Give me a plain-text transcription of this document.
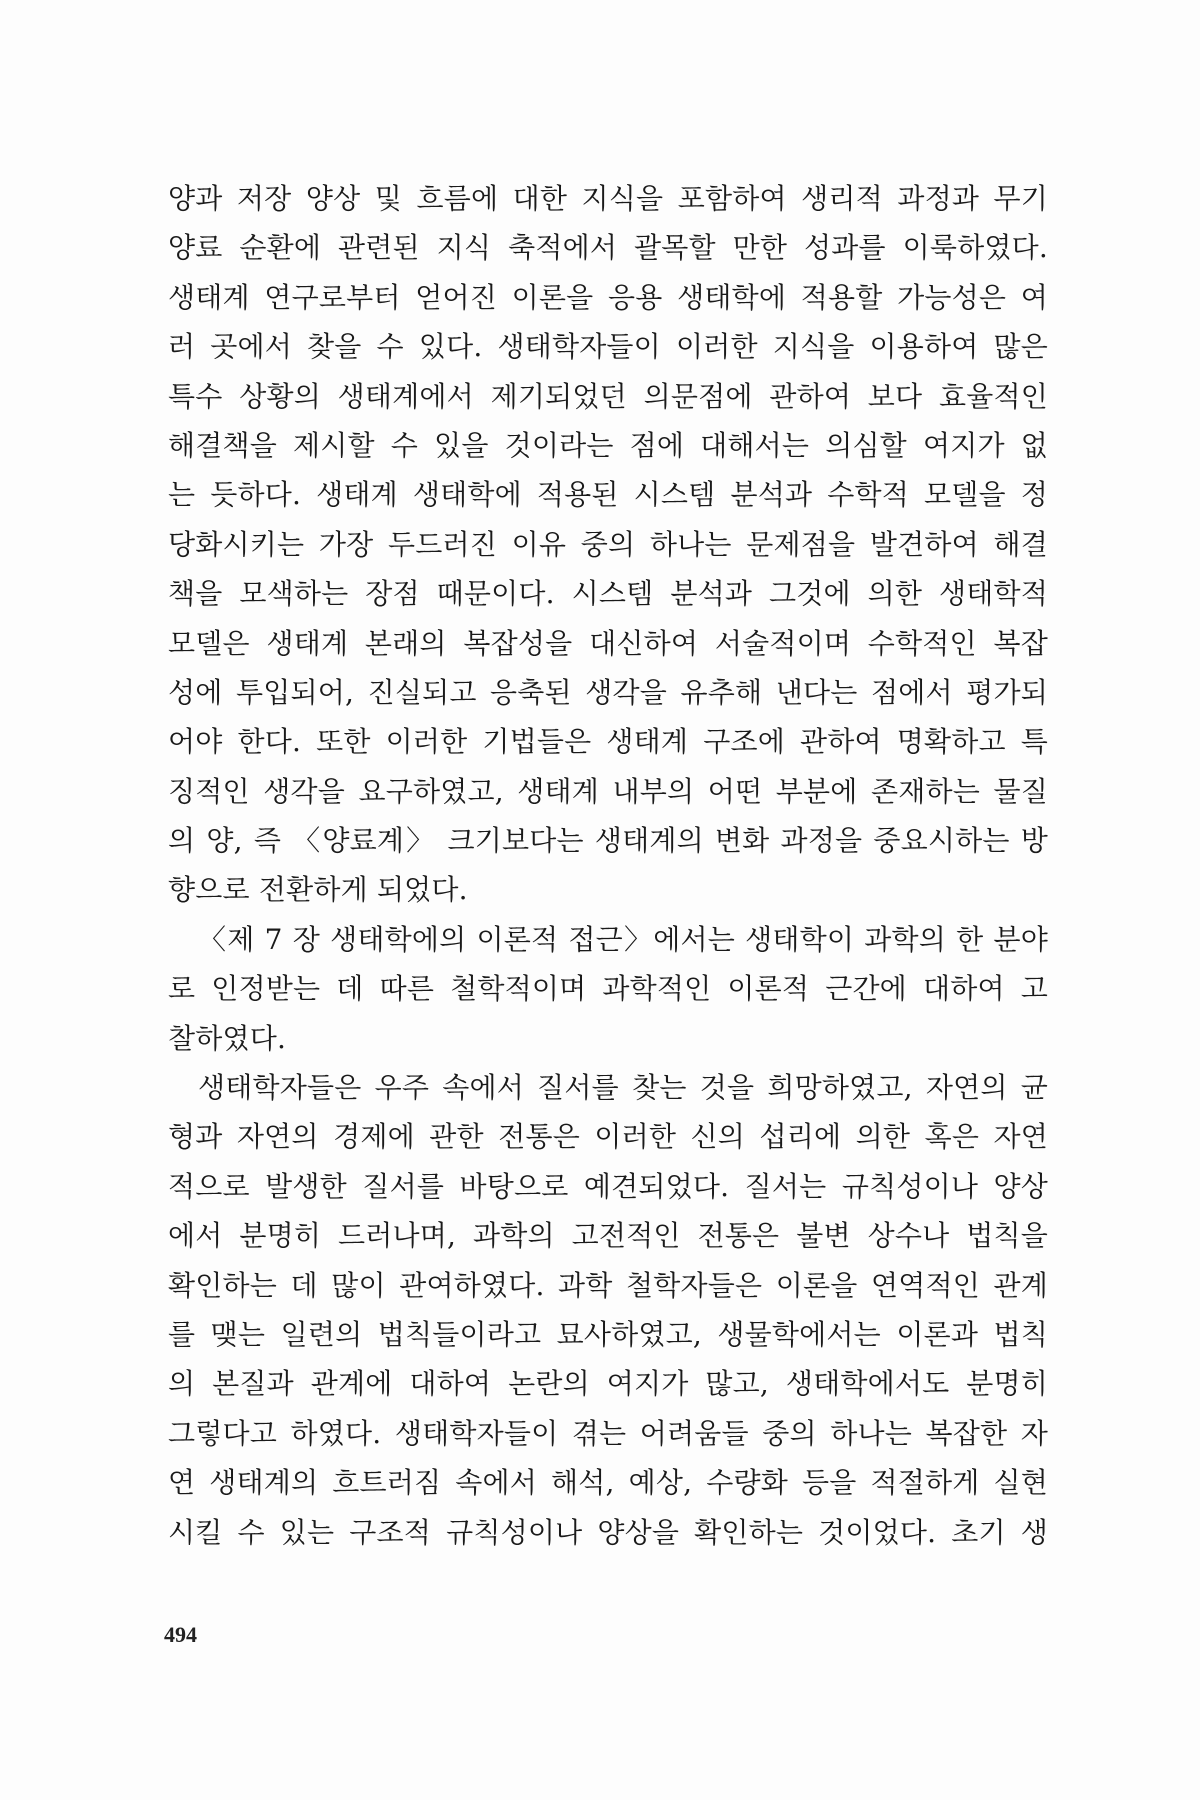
양과 저장 양상 및 흐름에 대한 지식을 포함하여 생리적 과정과 무기
양료 순환에 관련된 지식 축적에서 괄목할 만한 성과를 이룩하였다.
생태계 연구로부터 얻어진 이론을 응용 생태학에 적용할 가능성은 여
러 곳에서 찾을 수 있다. 생태학자들이 이러한 지식을 이용하여 많은
특수 상황의 생태계에서 제기되었던 의문점에 관하여 보다 효율적인
해결책을 제시할 수 있을 것이라는 점에 대해서는 의심할 여지가 없
는 듯하다. 생태계 생태학에 적용된 시스템 분석과 수학적 모델을 정
당화시키는 가장 두드러진 이유 중의 하나는 문제점을 발견하여 해결
책을 모색하는 장점 때문이다. 시스템 분석과 그것에 의한 생태학적
모델은 생태계 본래의 복잡성을 대신하여 서술적이며 수학적인 복잡
성에 투입되어, 진실되고 응축된 생각을 유추해 낸다는 점에서 평가되
어야 한다. 또한 이러한 기법들은 생태계 구조에 관하여 명확하고 특
징적인 생각을 요구하였고, 생태계 내부의 어떤 부분에 존재하는 물질
의 양, 즉 〈양료계〉 크기보다는 생태계의 변화 과정을 중요시하는 방
향으로 전환하게 되었다.
〈제 7 장 생태학에의 이론적 접근〉에서는 생태학이 과학의 한 분야
로 인정받는 데 따른 철학적이며 과학적인 이론적 근간에 대하여 고
찰하였다.
생태학자들은 우주 속에서 질서를 찾는 것을 희망하였고, 자연의 균
형과 자연의 경제에 관한 전통은 이러한 신의 섭리에 의한 혹은 자연
적으로 발생한 질서를 바탕으로 예견되었다. 질서는 규칙성이나 양상
에서 분명히 드러나며, 과학의 고전적인 전통은 불변 상수나 법칙을
확인하는 데 많이 관여하였다. 과학 철학자들은 이론을 연역적인 관계
를 맺는 일련의 법칙들이라고 묘사하였고, 생물학에서는 이론과 법칙
의 본질과 관계에 대하여 논란의 여지가 많고, 생태학에서도 분명히
그렇다고 하였다. 생태학자들이 겪는 어려움들 중의 하나는 복잡한 자
연 생태계의 흐트러짐 속에서 해석, 예상, 수량화 등을 적절하게 실현
시킬 수 있는 구조적 규칙성이나 양상을 확인하는 것이었다. 초기 생
494
